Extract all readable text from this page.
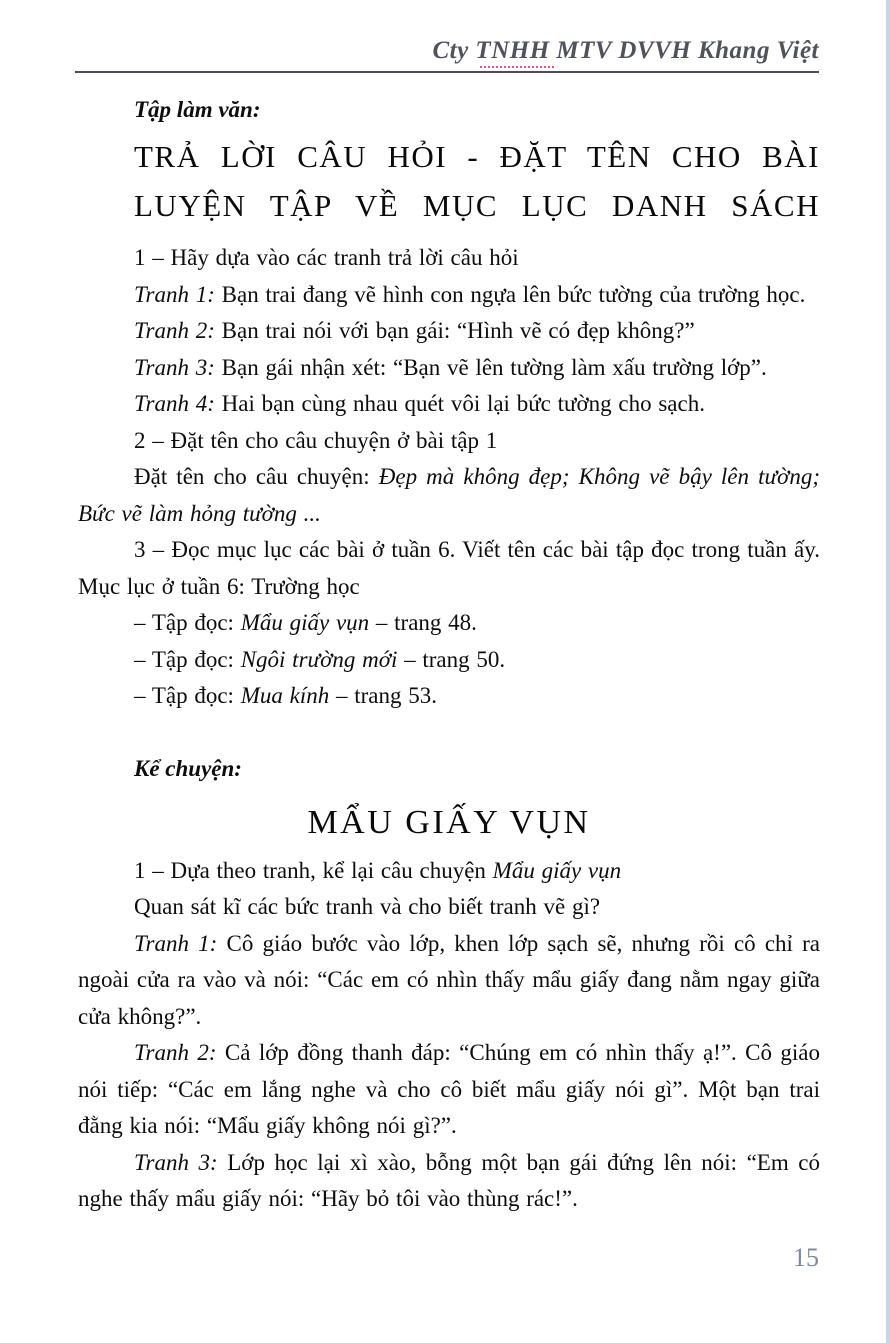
Cty TNHH MTV DVVH Khang Việt
Tập làm văn:
TRẢ LỜI CÂU HỎI - ĐẶT TÊN CHO BÀI
LUYỆN TẬP VỀ MỤC LỤC DANH SÁCH

1 – Hãy dựa vào các tranh trả lời câu hỏi

Tranh 1: Bạn trai đang vẽ hình con ngựa lên bức tường của trường học.

Tranh 2: Bạn trai nói với bạn gái: “Hình vẽ có đẹp không?”

Tranh 3: Bạn gái nhận xét: “Bạn vẽ lên tường làm xấu trường lớp”.

Tranh 4: Hai bạn cùng nhau quét vôi lại bức tường cho sạch.

2 – Đặt tên cho câu chuyện ở bài tập 1

Đặt tên cho câu chuyện: Đẹp mà không đẹp; Không vẽ bậy lên tường; Bức vẽ làm hỏng tường ...

3 – Đọc mục lục các bài ở tuần 6. Viết tên các bài tập đọc trong tuần ấy. Mục lục ở tuần 6: Trường học

– Tập đọc: Mẩu giấy vụn – trang 48.

– Tập đọc: Ngôi trường mới – trang 50.

– Tập đọc: Mua kính – trang 53.

Kể chuyện:
MẨU GIẤY VỤN

1 – Dựa theo tranh, kể lại câu chuyện Mẩu giấy vụn

Quan sát kĩ các bức tranh và cho biết tranh vẽ gì?

Tranh 1: Cô giáo bước vào lớp, khen lớp sạch sẽ, nhưng rồi cô chỉ ra ngoài cửa ra vào và nói: “Các em có nhìn thấy mẩu giấy đang nằm ngay giữa cửa không?”.

Tranh 2: Cả lớp đồng thanh đáp: “Chúng em có nhìn thấy ạ!”. Cô giáo nói tiếp: “Các em lắng nghe và cho cô biết mẩu giấy nói gì”. Một bạn trai đằng kia nói: “Mẩu giấy không nói gì?”.

Tranh 3: Lớp học lại xì xào, bỗng một bạn gái đứng lên nói: “Em có nghe thấy mẩu giấy nói: “Hãy bỏ tôi vào thùng rác!”.

15
